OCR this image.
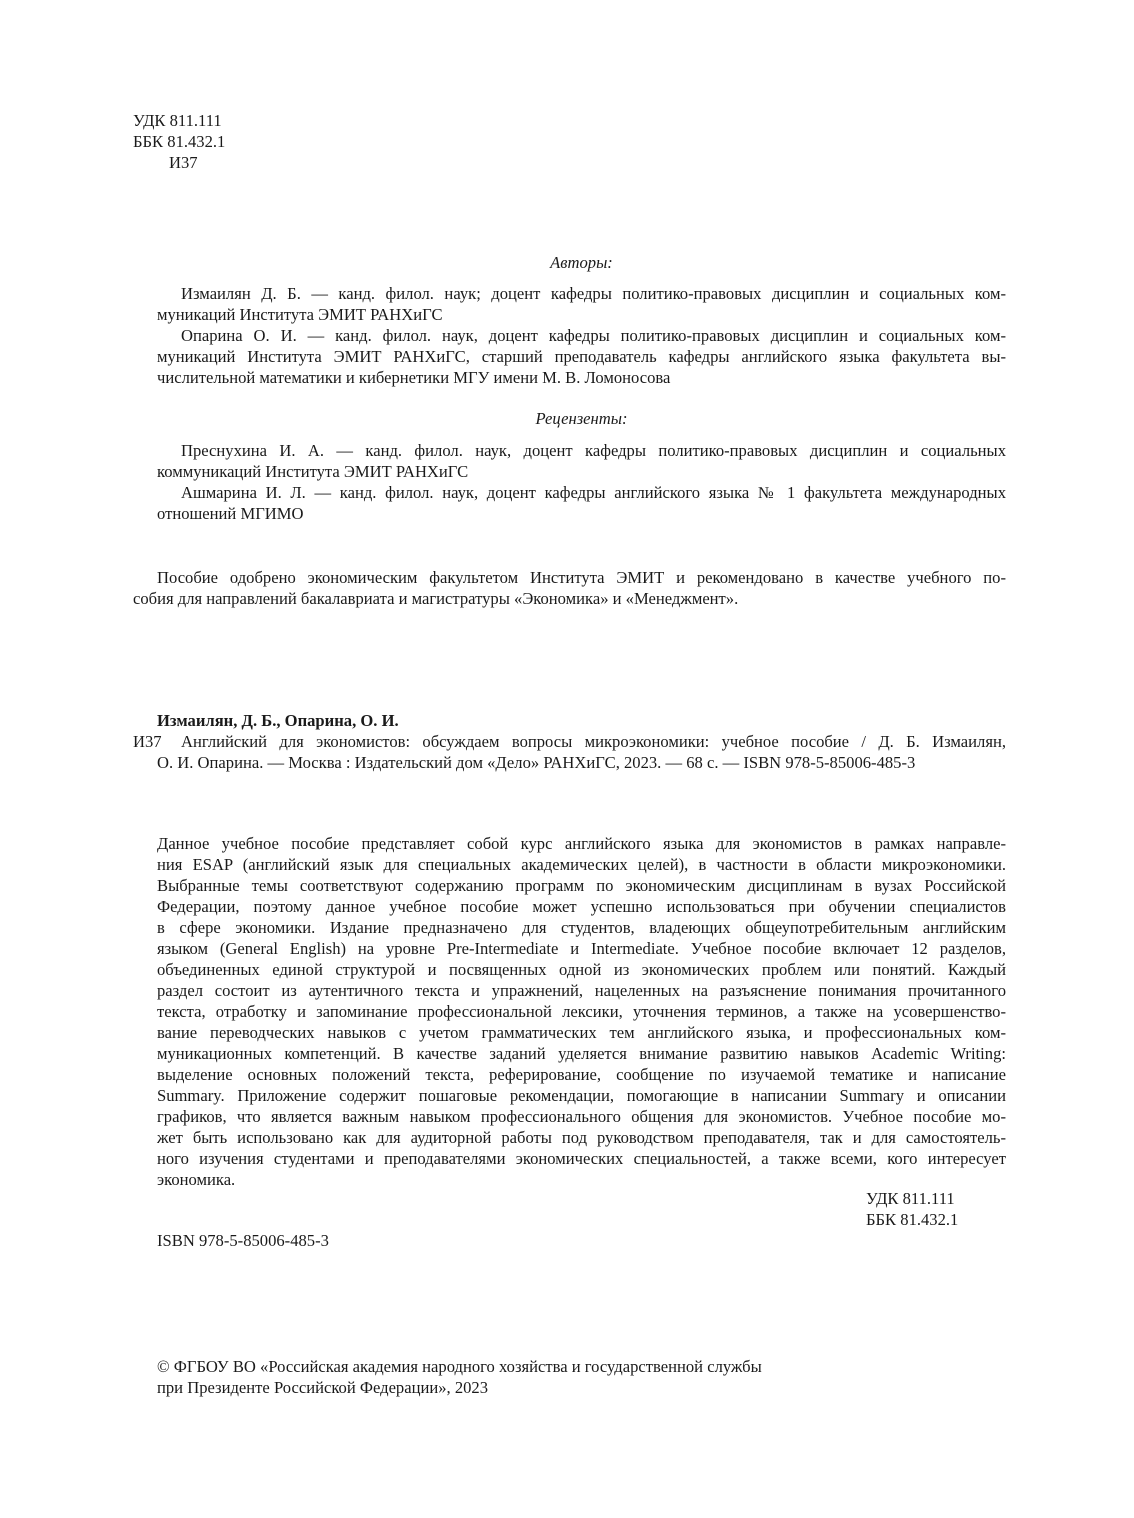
УДК 811.111
ББК 81.432.1
И37
Авторы:
Измаилян Д. Б. — канд. филол. наук; доцент кафедры политико-правовых дисциплин и социальных ком-
муникаций Института ЭМИТ РАНХиГС
Опарина О. И. — канд. филол. наук, доцент кафедры политико-правовых дисциплин и социальных ком-
муникаций Института ЭМИТ РАНХиГС, старший преподаватель кафедры английского языка факультета вы-
числительной математики и кибернетики МГУ имени М. В. Ломоносова
Рецензенты:
Преснухина И. А. — канд. филол. наук, доцент кафедры политико-правовых дисциплин и социальных
коммуникаций Института ЭМИТ РАНХиГС
Ашмарина И. Л. — канд. филол. наук, доцент кафедры английского языка № 1 факультета международных
отношений МГИМО
Пособие одобрено экономическим факультетом Института ЭМИТ и рекомендовано в качестве учебного по-
собия для направлений бакалавриата и магистратуры «Экономика» и «Менеджмент».
Измаилян, Д. Б., Опарина, О. И.
И37	Английский для экономистов: обсуждаем вопросы микроэкономики: учебное пособие / Д. Б. Измаилян,
О. И. Опарина. — Москва : Издательский дом «Дело» РАНХиГС, 2023. — 68 с. — ISBN 978-5-85006-485-3
Данное учебное пособие представляет собой курс английского языка для экономистов в рамках направле-
ния ESAP (английский язык для специальных академических целей), в частности в области микроэкономики.
Выбранные темы соответствуют содержанию программ по экономическим дисциплинам в вузах Российской
Федерации, поэтому данное учебное пособие может успешно использоваться при обучении специалистов
в сфере экономики. Издание предназначено для студентов, владеющих общеупотребительным английским
языком (General English) на уровне Pre-Intermediate и Intermediate. Учебное пособие включает 12 разделов,
объединенных единой структурой и посвященных одной из экономических проблем или понятий. Каждый
раздел состоит из аутентичного текста и упражнений, нацеленных на разъяснение понимания прочитанного
текста, отработку и запоминание профессиональной лексики, уточнения терминов, а также на усовершенство-
вание переводческих навыков с учетом грамматических тем английского языка, и профессиональных ком-
муникационных компетенций. В качестве заданий уделяется внимание развитию навыков Academic Writing:
выделение основных положений текста, реферирование, сообщение по изучаемой тематике и написание
Summary. Приложение содержит пошаговые рекомендации, помогающие в написании Summary и описании
графиков, что является важным навыком профессионального общения для экономистов. Учебное пособие мо-
жет быть использовано как для аудиторной работы под руководством преподавателя, так и для самостоятель-
ного изучения студентами и преподавателями экономических специальностей, а также всеми, кого интересует
экономика.
УДК 811.111
ББК 81.432.1
ISBN 978-5-85006-485-3
© ФГБОУ ВО «Российская академия народного хозяйства и государственной службы
при Президенте Российской Федерации», 2023
